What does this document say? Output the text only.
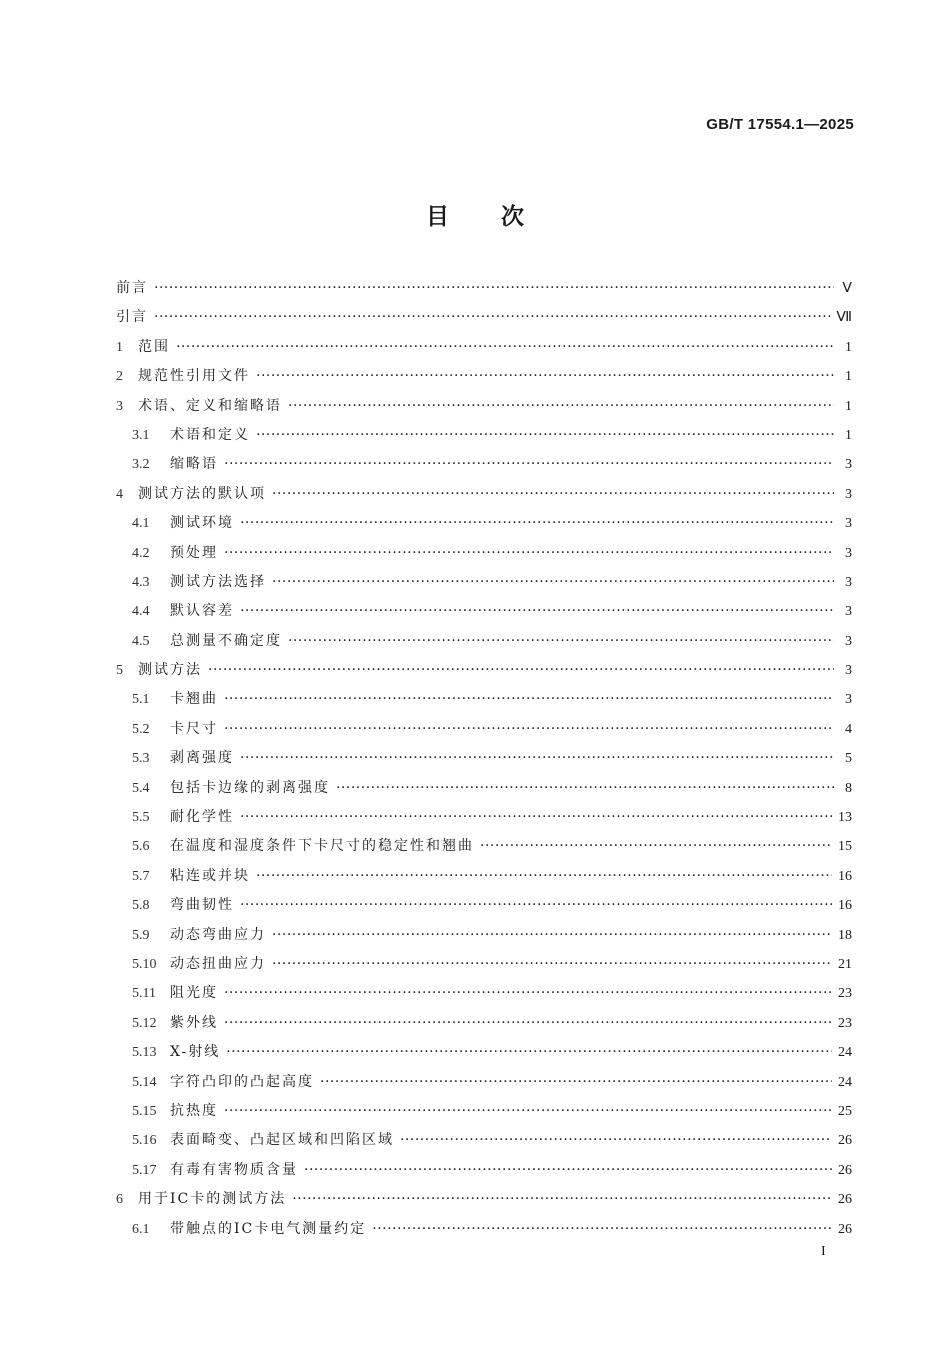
GB/T 17554.1—2025
目次
前言 ·····	Ⅴ
引言 ·····	Ⅶ
1	范围 ·····	1
2	规范性引用文件 ·····	1
3	术语、定义和缩略语 ·····	1
3.1	术语和定义 ·····	1
3.2	缩略语 ·····	3
4	测试方法的默认项 ·····	3
4.1	测试环境 ·····	3
4.2	预处理 ·····	3
4.3	测试方法选择 ·····	3
4.4	默认容差 ·····	3
4.5	总测量不确定度 ·····	3
5	测试方法 ·····	3
5.1	卡翘曲 ·····	3
5.2	卡尺寸 ·····	4
5.3	剥离强度 ·····	5
5.4	包括卡边缘的剥离强度 ·····	8
5.5	耐化学性 ·····	13
5.6	在温度和湿度条件下卡尺寸的稳定性和翘曲 ·····	15
5.7	粘连或并块 ·····	16
5.8	弯曲韧性 ·····	16
5.9	动态弯曲应力 ·····	18
5.10 动态扭曲应力 ·····	21
5.11	阻光度 ·····	23
5.12 紫外线 ·····	23
5.13 X-射线 ·····	24
5.14 字符凸印的凸起高度 ·····	24
5.15 抗热度 ·····	25
5.16 表面畸变、凸起区域和凹陷区域 ·····	26
5.17 有毒有害物质含量 ·····	26
6	用于IC卡的测试方法 ·····	26
6.1	带触点的IC卡电气测量约定 ·····	26
I
